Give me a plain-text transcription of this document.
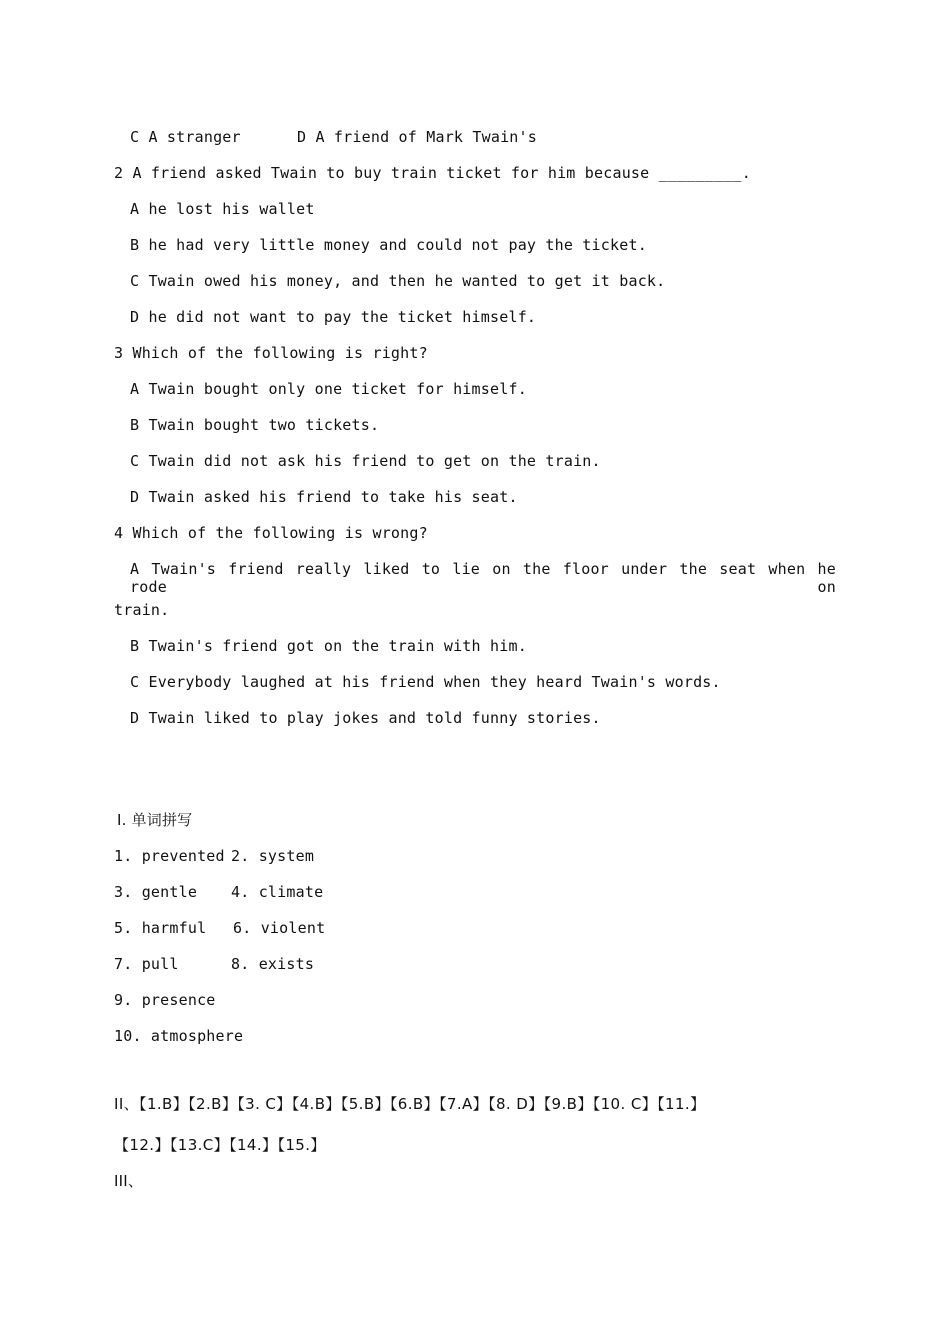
C A stranger	D A friend of Mark Twain's
2 A friend asked Twain to buy train ticket for him because _________.
A he lost his wallet
B he had very little money and could not pay the ticket.
C Twain owed his money, and then he wanted to get it back.
D he did not want to pay the ticket himself.
3 Which of the following is right?
A Twain bought only one ticket for himself.
B Twain bought two tickets.
C Twain did not ask his friend to get on the train.
D Twain asked his friend to take his seat.
4 Which of the following is wrong?
A Twain's friend really liked to lie on the floor under the seat when he rode on
train.
B Twain's friend got on the train with him.
C Everybody laughed at his friend when they heard Twain's words.
D Twain liked to play jokes and told funny stories.
Ⅰ. 单词拼写
1. prevented 2. system
3. gentle 4. climate
5. harmful 6. violent
7. pull	8. exists
9. presence
10. atmosphere
II、【1.B】【2.B】【3. C】【4.B】【5.B】【6.B】【7.A】【8. D】【9.B】【10. C】【11.】
【12.】【13.C】【14.】【15.】
III、
